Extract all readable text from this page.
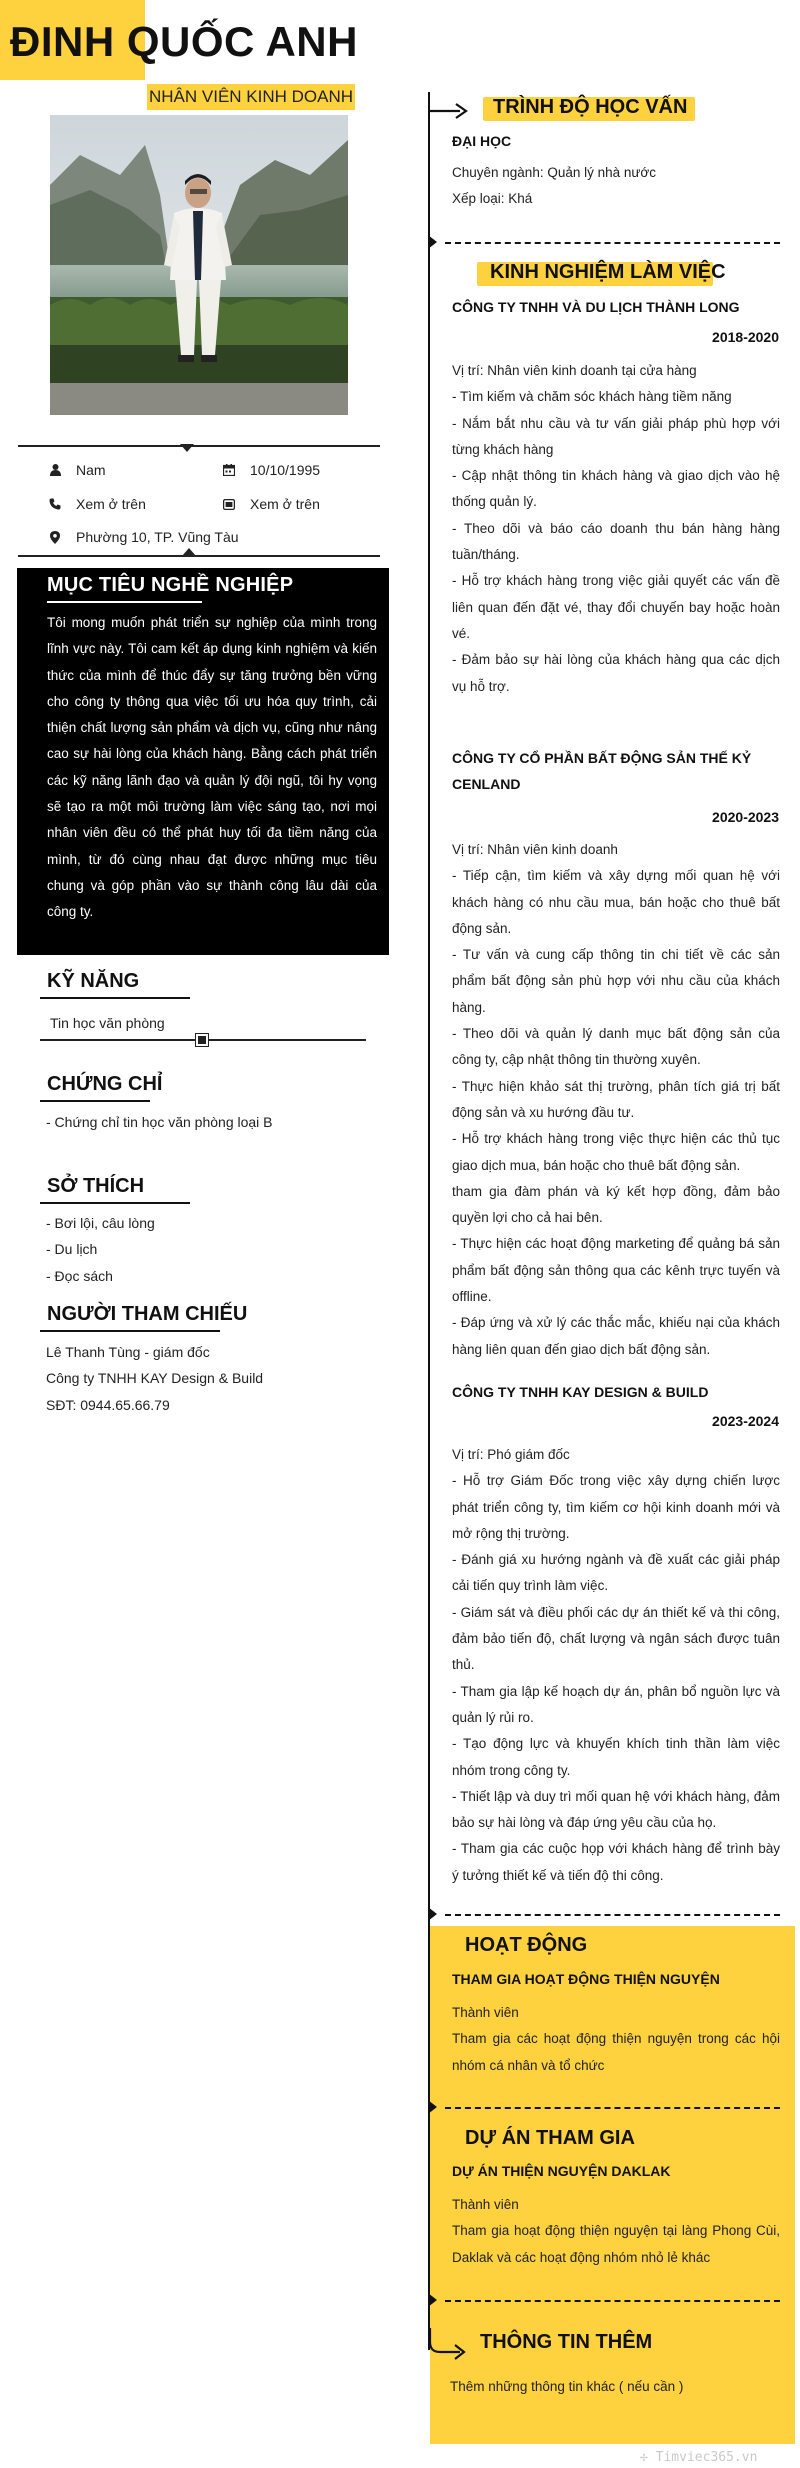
ĐINH QUỐC ANH
NHÂN VIÊN KINH DOANH
Nam	10/10/1995
Xem ở trên	Xem ở trên
Phường 10, TP. Vũng Tàu
MỤC TIÊU NGHỀ NGHIỆP

Tôi mong muốn phát triển sự nghiệp của mình trong lĩnh vực này. Tôi cam kết áp dụng kinh nghiệm và kiến thức của mình để thúc đẩy sự tăng trưởng bền vững cho công ty thông qua việc tối ưu hóa quy trình, cải thiện chất lượng sản phẩm và dịch vụ, cũng như nâng cao sự hài lòng của khách hàng. Bằng cách phát triển các kỹ năng lãnh đạo và quản lý đội ngũ, tôi hy vọng sẽ tạo ra một môi trường làm việc sáng tạo, nơi mọi nhân viên đều có thể phát huy tối đa tiềm năng của mình, từ đó cùng nhau đạt được những mục tiêu chung và góp phần vào sự thành công lâu dài của công ty.

KỸ NĂNG
Tin học văn phòng
CHỨNG CHỈ
- Chứng chỉ tin học văn phòng loại B
SỞ THÍCH
- Bơi lội, câu lòng
- Du lịch
- Đọc sách
NGƯỜI THAM CHIẾU
Lê Thanh Tùng - giám đốc
Công ty TNHH KAY Design & Build
SĐT: 0944.65.66.79
TRÌNH ĐỘ HỌC VẤN
ĐẠI HỌC
Chuyên ngành: Quản lý nhà nước
Xếp loại: Khá
KINH NGHIỆM LÀM VIỆC
CÔNG TY TNHH VÀ DU LỊCH THÀNH LONG
2018-2020
Vị trí: Nhân viên kinh doanh tại cửa hàng
- Tìm kiếm và chăm sóc khách hàng tiềm năng
- Nắm bắt nhu cầu và tư vấn giải pháp phù hợp với từng khách hàng
- Cập nhật thông tin khách hàng và giao dịch vào hệ thống quản lý.
- Theo dõi và báo cáo doanh thu bán hàng hàng tuần/tháng.
- Hỗ trợ khách hàng trong việc giải quyết các vấn đề liên quan đến đặt vé, thay đổi chuyến bay hoặc hoàn vé.
- Đảm bảo sự hài lòng của khách hàng qua các dịch vụ hỗ trợ.
CÔNG TY CỔ PHẦN BẤT ĐỘNG SẢN THẾ KỶ CENLAND
2020-2023
Vị trí: Nhân viên kinh doanh
- Tiếp cận, tìm kiếm và xây dựng mối quan hệ với khách hàng có nhu cầu mua, bán hoặc cho thuê bất động sản.
- Tư vấn và cung cấp thông tin chi tiết về các sản phẩm bất động sản phù hợp với nhu cầu của khách hàng.
- Theo dõi và quản lý danh mục bất động sản của công ty, cập nhật thông tin thường xuyên.
- Thực hiện khảo sát thị trường, phân tích giá trị bất động sản và xu hướng đầu tư.
- Hỗ trợ khách hàng trong việc thực hiện các thủ tục giao dịch mua, bán hoặc cho thuê bất động sản.
tham gia đàm phán và ký kết hợp đồng, đảm bảo quyền lợi cho cả hai bên.
- Thực hiện các hoạt động marketing để quảng bá sản phẩm bất động sản thông qua các kênh trực tuyến và offline.
- Đáp ứng và xử lý các thắc mắc, khiếu nại của khách hàng liên quan đến giao dịch bất động sản.
CÔNG TY TNHH KAY DESIGN & BUILD
2023-2024
Vị trí: Phó giám đốc
- Hỗ trợ Giám Đốc trong việc xây dựng chiến lược phát triển công ty, tìm kiếm cơ hội kinh doanh mới và mở rộng thị trường.
- Đánh giá xu hướng ngành và đề xuất các giải pháp cải tiến quy trình làm việc.
- Giám sát và điều phối các dự án thiết kế và thi công, đảm bảo tiến độ, chất lượng và ngân sách được tuân thủ.
- Tham gia lập kế hoạch dự án, phân bổ nguồn lực và quản lý rủi ro.
- Tạo động lực và khuyến khích tinh thần làm việc nhóm trong công ty.
- Thiết lập và duy trì mối quan hệ với khách hàng, đảm bảo sự hài lòng và đáp ứng yêu cầu của họ.
- Tham gia các cuộc họp với khách hàng để trình bày ý tưởng thiết kế và tiến độ thi công.
HOẠT ĐỘNG
THAM GIA HOẠT ĐỘNG THIỆN NGUYỆN
Thành viên
Tham gia các hoạt động thiện nguyện trong các hội nhóm cá nhân và tổ chức
DỰ ÁN THAM GIA
DỰ ÁN THIỆN NGUYỆN DAKLAK
Thành viên
Tham gia hoạt động thiện nguyện tại làng Phong Cùi, Daklak và các hoạt động nhóm nhỏ lẻ khác
THÔNG TIN THÊM
Thêm những thông tin khác ( nếu cần )
✢ Timviec365.vn
